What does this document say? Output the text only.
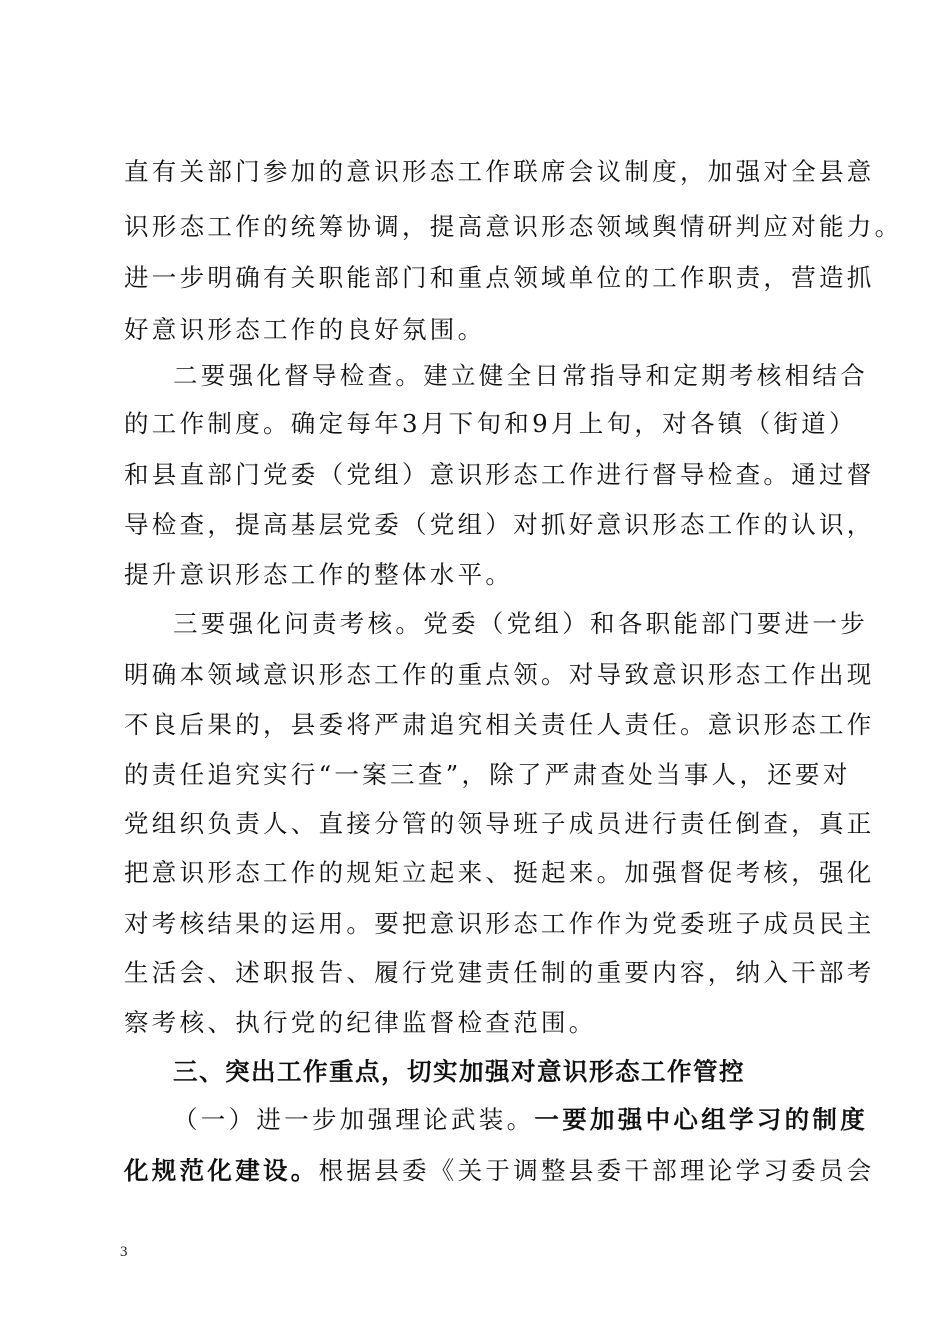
直有关部门参加的意识形态工作联席会议制度，加强对全县意
识形态工作的统筹协调，提高意识形态领域舆情研判应对能力。
进一步明确有关职能部门和重点领域单位的工作职责，营造抓
好意识形态工作的良好氛围。
二要强化督导检查。建立健全日常指导和定期考核相结合
的工作制度。确定每年3月下旬和9月上旬，对各镇（街道）
和县直部门党委（党组）意识形态工作进行督导检查。通过督
导检查，提高基层党委（党组）对抓好意识形态工作的认识，
提升意识形态工作的整体水平。
三要强化问责考核。党委（党组）和各职能部门要进一步
明确本领域意识形态工作的重点领。对导致意识形态工作出现
不良后果的，县委将严肃追究相关责任人责任。意识形态工作
的责任追究实行“一案三查”，除了严肃查处当事人，还要对
党组织负责人、直接分管的领导班子成员进行责任倒查，真正
把意识形态工作的规矩立起来、挺起来。加强督促考核，强化
对考核结果的运用。要把意识形态工作作为党委班子成员民主
生活会、述职报告、履行党建责任制的重要内容，纳入干部考
察考核、执行党的纪律监督检查范围。
三、突出工作重点，切实加强对意识形态工作管控
（一）进一步加强理论武装。一要加强中心组学习的制度
化规范化建设。根据县委《关于调整县委干部理论学习委员会
3
